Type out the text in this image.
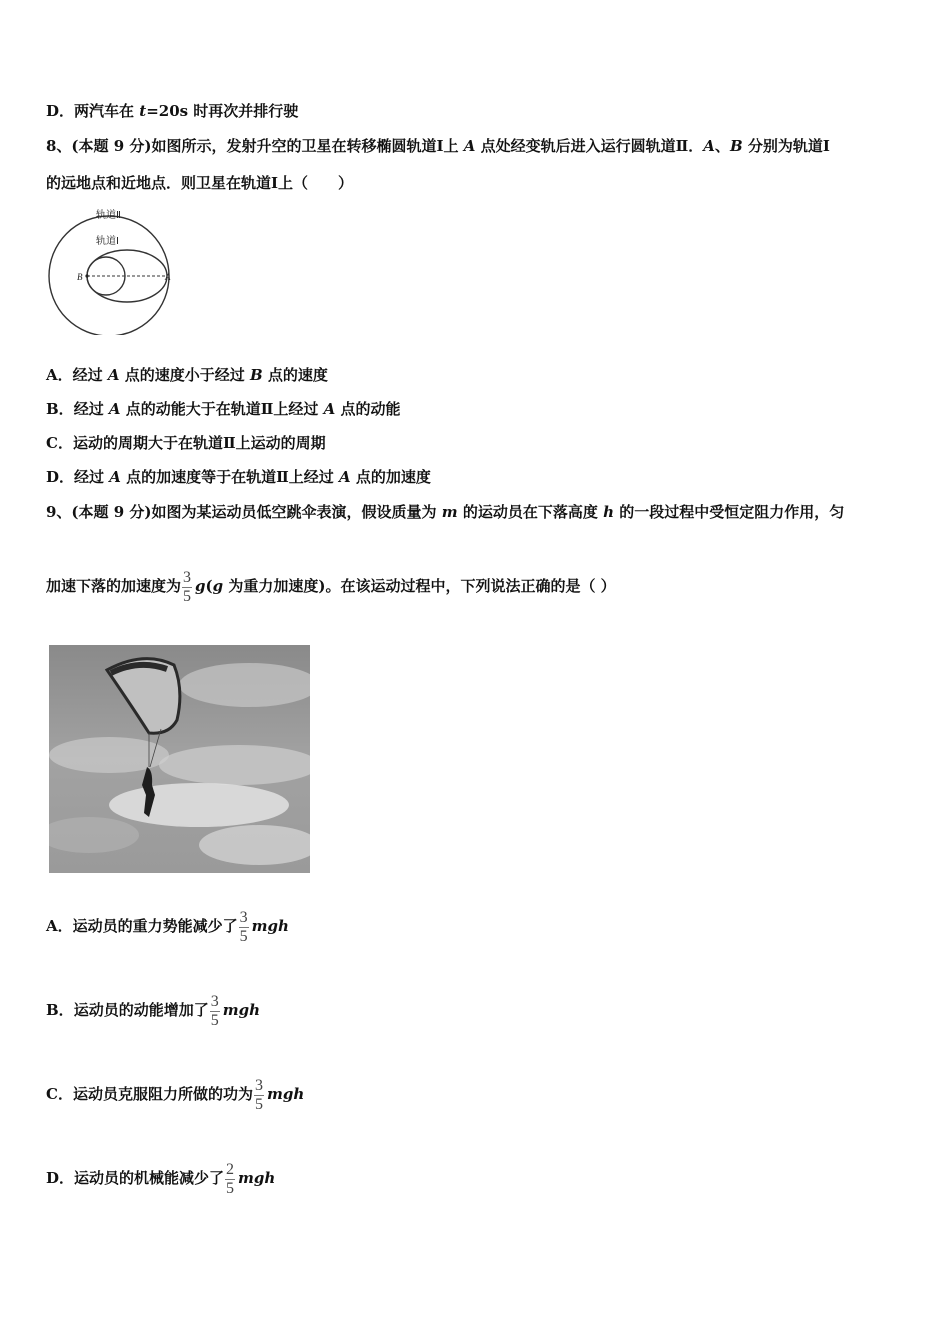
D．两汽车在 t=20s 时再次并排行驶
8、(本题 9 分)如图所示，发射升空的卫星在转移椭圆轨道Ⅰ上 A 点处经变轨后进入运行圆轨道Ⅱ．A、B 分别为轨道Ⅰ
的远地点和近地点．则卫星在轨道Ⅰ上（　　）
轨道Ⅱ
轨道Ⅰ
B	A
A．经过 A 点的速度小于经过 B 点的速度
B．经过 A 点的动能大于在轨道Ⅱ上经过 A 点的动能
C．运动的周期大于在轨道Ⅱ上运动的周期
D．经过 A 点的加速度等于在轨道Ⅱ上经过 A 点的加速度
9、(本题 9 分)如图为某运动员低空跳伞表演，假设质量为 m 的运动员在下落高度 h 的一段过程中受恒定阻力作用，匀
加速下落的加速度为 $\frac{3}{5} g(g$ 为重力加速度)。在该运动过程中，下列说法正确的是（ ）
A．运动员的重力势能减少了 $\frac{3}{5}$ mgh
B．运动员的动能增加了 $\frac{3}{5}$ mgh
C．运动员克服阻力所做的功为 $\frac{3}{5}$ mgh
D．运动员的机械能减少了 $\frac{2}{5}$ mgh
